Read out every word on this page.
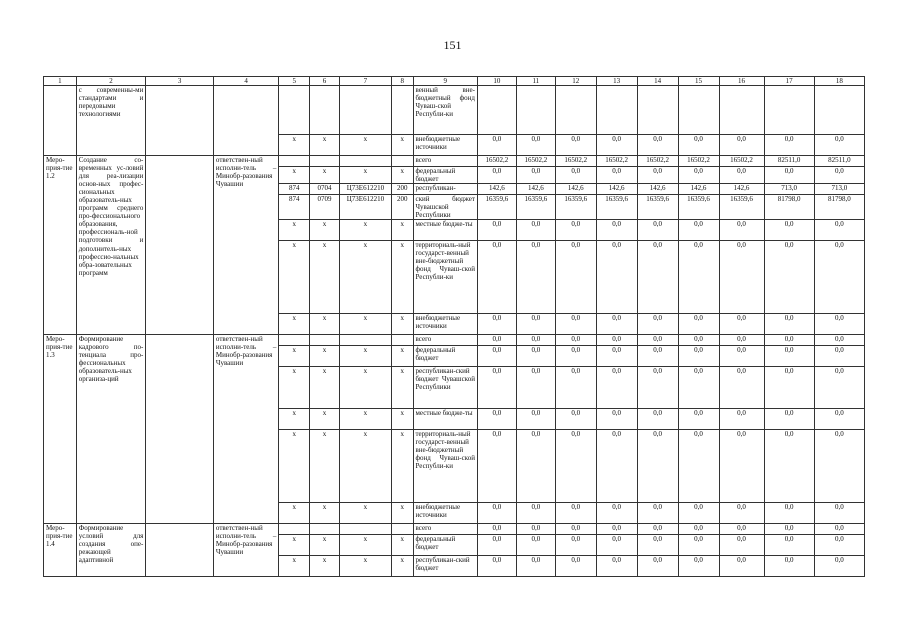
151
1	2	3	4	5	6	7	8	9	10	11	12	13	14	15	16	17	18
	с современны-ми стандартами и передовыми технологиями							венный вне-бюджетный фонд Чуваш-ской Республи-ки									
				x	x	x	x	внебюджетные источники	0,0	0,0	0,0	0,0	0,0	0,0	0,0	0,0	0,0
Меро-прия-тие 1.2	Создание со-временных ус-ловий для реа-лизации основ-ных профес-сиональных образователь-ных программ среднего про-фессионального образования, профессиональ-ной подготовки и дополнитель-ных профессио-нальных обра-зовательных программ		ответствен-ный исполни-тель – Минобр-разования Чувашии					всего	16502,2	16502,2	16502,2	16502,2	16502,2	16502,2	16502,2	82511,0	82511,0
				x	x	x	x	федеральный бюджет	0,0	0,0	0,0	0,0	0,0	0,0	0,0	0,0	0,0
				874	0704	Ц73Е612210	200	республикан-	142,6	142,6	142,6	142,6	142,6	142,6	142,6	713,0	713,0
				874	0709	Ц73Е612210	200	ский бюджет Чувашской Республики	16359,6	16359,6	16359,6	16359,6	16359,6	16359,6	16359,6	81798,0	81798,0
				x	x	x	x	местные бюдже-ты	0,0	0,0	0,0	0,0	0,0	0,0	0,0	0,0	0,0
				x	x	x	x	территориаль-ный государст-венный вне-бюджетный фонд Чуваш-ской Республи-ки	0,0	0,0	0,0	0,0	0,0	0,0	0,0	0,0	0,0
				x	x	x	x	внебюджетные источники	0,0	0,0	0,0	0,0	0,0	0,0	0,0	0,0	0,0
Меро-прия-тие 1.3	Формирование кадрового по-тенциала про-фессиональных образователь-ных организа-ций		ответствен-ный исполни-тель – Минобр-разования Чувашии					всего	0,0	0,0	0,0	0,0	0,0	0,0	0,0	0,0	0,0
				x	x	x	x	федеральный бюджет	0,0	0,0	0,0	0,0	0,0	0,0	0,0	0,0	0,0
				x	x	x	x	республикан-ский бюджет Чувашской Республики	0,0	0,0	0,0	0,0	0,0	0,0	0,0	0,0	0,0
				x	x	x	x	местные бюдже-ты	0,0	0,0	0,0	0,0	0,0	0,0	0,0	0,0	0,0
				x	x	x	x	территориаль-ный государст-венный вне-бюджетный фонд Чуваш-ской Республи-ки	0,0	0,0	0,0	0,0	0,0	0,0	0,0	0,0	0,0
				x	x	x	x	внебюджетные источники	0,0	0,0	0,0	0,0	0,0	0,0	0,0	0,0	0,0
Меро-прия-тие 1.4	Формирование условий для создания опе-режающей адаптивной		ответствен-ный исполни-тель – Минобр-разования Чувашии					всего	0,0	0,0	0,0	0,0	0,0	0,0	0,0	0,0	0,0
				x	x	x	x	федеральный бюджет	0,0	0,0	0,0	0,0	0,0	0,0	0,0	0,0	0,0
				x	x	x	x	республикан-ский бюджет	0,0	0,0	0,0	0,0	0,0	0,0	0,0	0,0	0,0
